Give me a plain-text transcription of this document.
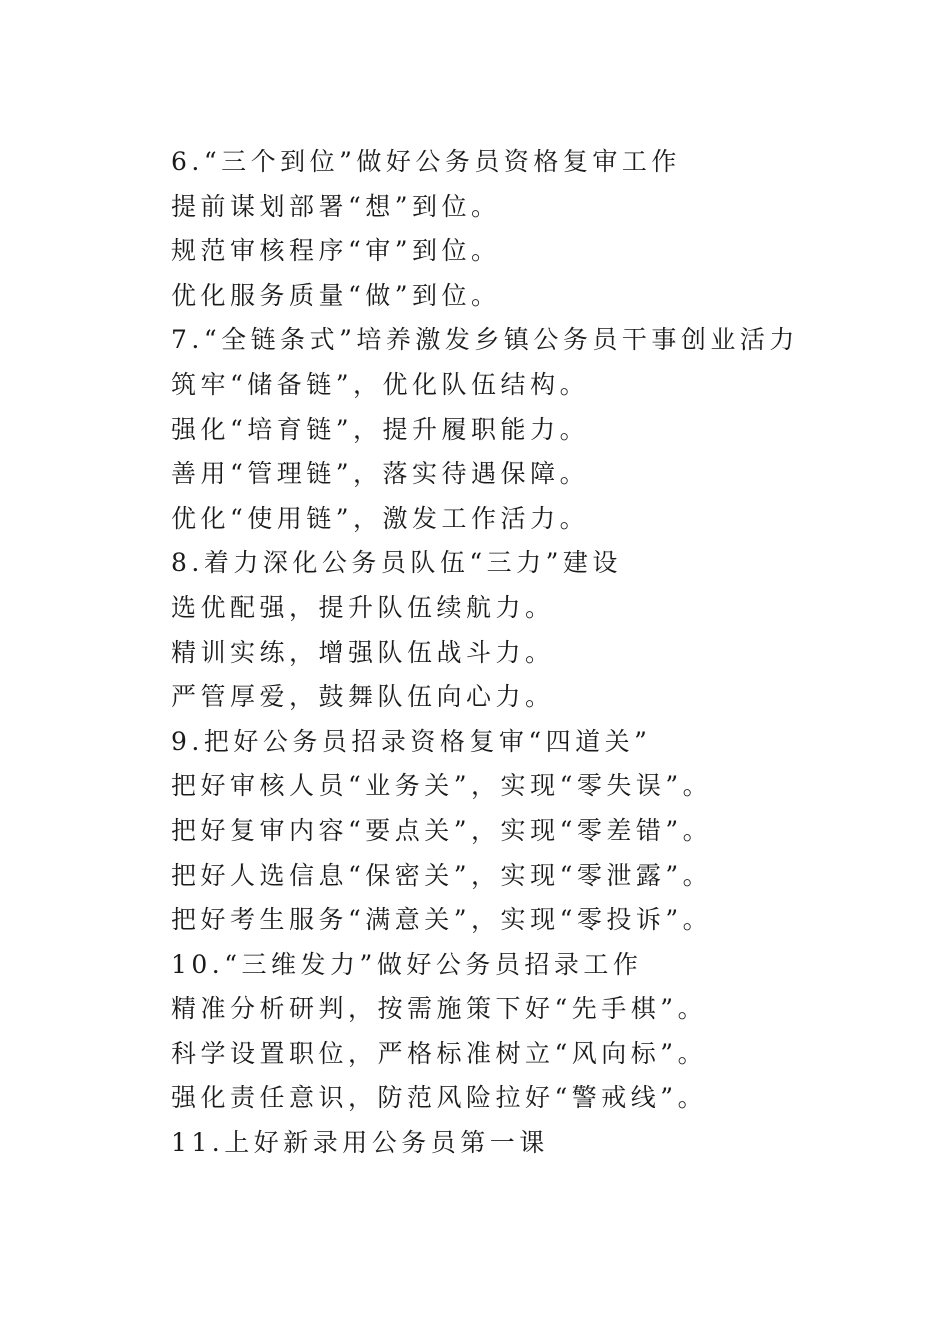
6.“三个到位”做好公务员资格复审工作
提前谋划部署“想”到位。
规范审核程序“审”到位。
优化服务质量“做”到位。
7.“全链条式”培养激发乡镇公务员干事创业活力
筑牢“储备链”，优化队伍结构。
强化“培育链”，提升履职能力。
善用“管理链”，落实待遇保障。
优化“使用链”，激发工作活力。
8.着力深化公务员队伍“三力”建设
选优配强，提升队伍续航力。
精训实练，增强队伍战斗力。
严管厚爱，鼓舞队伍向心力。
9.把好公务员招录资格复审“四道关”
把好审核人员“业务关”，实现“零失误”。
把好复审内容“要点关”，实现“零差错”。
把好人选信息“保密关”，实现“零泄露”。
把好考生服务“满意关”，实现“零投诉”。
10.“三维发力”做好公务员招录工作
精准分析研判，按需施策下好“先手棋”。
科学设置职位，严格标准树立“风向标”。
强化责任意识，防范风险拉好“警戒线”。
11.上好新录用公务员第一课
